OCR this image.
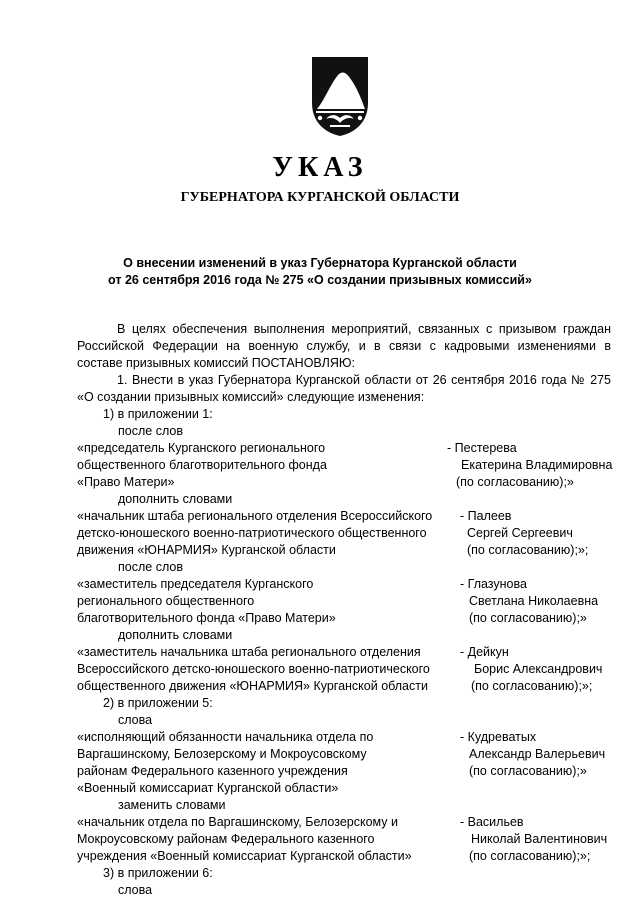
УКАЗ
ГУБЕРНАТОРА КУРГАНСКОЙ ОБЛАСТИ
О внесении изменений в указ Губернатора Курганской области
от 26 сентября 2016 года № 275 «О создании призывных комиссий»
В целях обеспечения выполнения мероприятий, связанных с призывом граждан
Российской Федерации на военную службу, и в связи с кадровыми изменениями в
составе призывных комиссий ПОСТАНОВЛЯЮ:
1. Внести в указ Губернатора Курганской области от 26 сентября 2016 года № 275
«О создании призывных комиссий» следующие изменения:
1) в приложении 1:
после слов
«председатель Курганского регионального
общественного благотворительного фонда
«Право Матери»
- Пестерева
Екатерина Владимировна
(по согласованию);»
дополнить словами
«начальник штаба регионального отделения Всероссийского
детско-юношеского военно-патриотического общественного
движения «ЮНАРМИЯ» Курганской области
- Палеев
Сергей Сергеевич
(по согласованию);»;
после слов
«заместитель председателя Курганского
регионального общественного
благотворительного фонда «Право Матери»
- Глазунова
Светлана Николаевна
(по согласованию);»
дополнить словами
«заместитель начальника штаба регионального отделения
Всероссийского детско-юношеского военно-патриотического
общественного движения «ЮНАРМИЯ» Курганской области
- Дейкун
Борис Александрович
(по согласованию);»;
2) в приложении 5:
слова
«исполняющий обязанности начальника отдела по
Варгашинскому, Белозерскому и Мокроусовскому
районам Федерального казенного учреждения
«Военный комиссариат Курганской области»
- Кудреватых
Александр Валерьевич
(по согласованию);»
заменить словами
«начальник отдела по Варгашинскому, Белозерскому и
Мокроусовскому районам Федерального казенного
учреждения «Военный комиссариат Курганской области»
- Васильев
Николай Валентинович
(по согласованию);»;
3) в приложении 6:
слова
